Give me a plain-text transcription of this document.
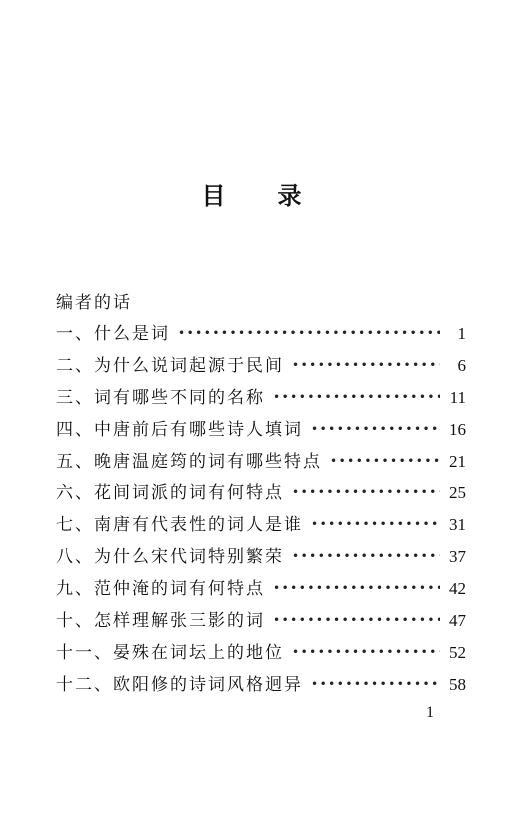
目 录
编者的话
一、什么是词 •••••	1
二、为什么说词起源于民间 •••••	6
三、词有哪些不同的名称 •••••	11
四、中唐前后有哪些诗人填词 •••••	16
五、晚唐温庭筠的词有哪些特点 •••••	21
六、花间词派的词有何特点 •••••	25
七、南唐有代表性的词人是谁 •••••	31
八、为什么宋代词特别繁荣 •••••	37
九、范仲淹的词有何特点 •••••	42
十、怎样理解张三影的词 •••••	47
十一、晏殊在词坛上的地位 •••••	52
十二、欧阳修的诗词风格迥异 •••••	58
1
